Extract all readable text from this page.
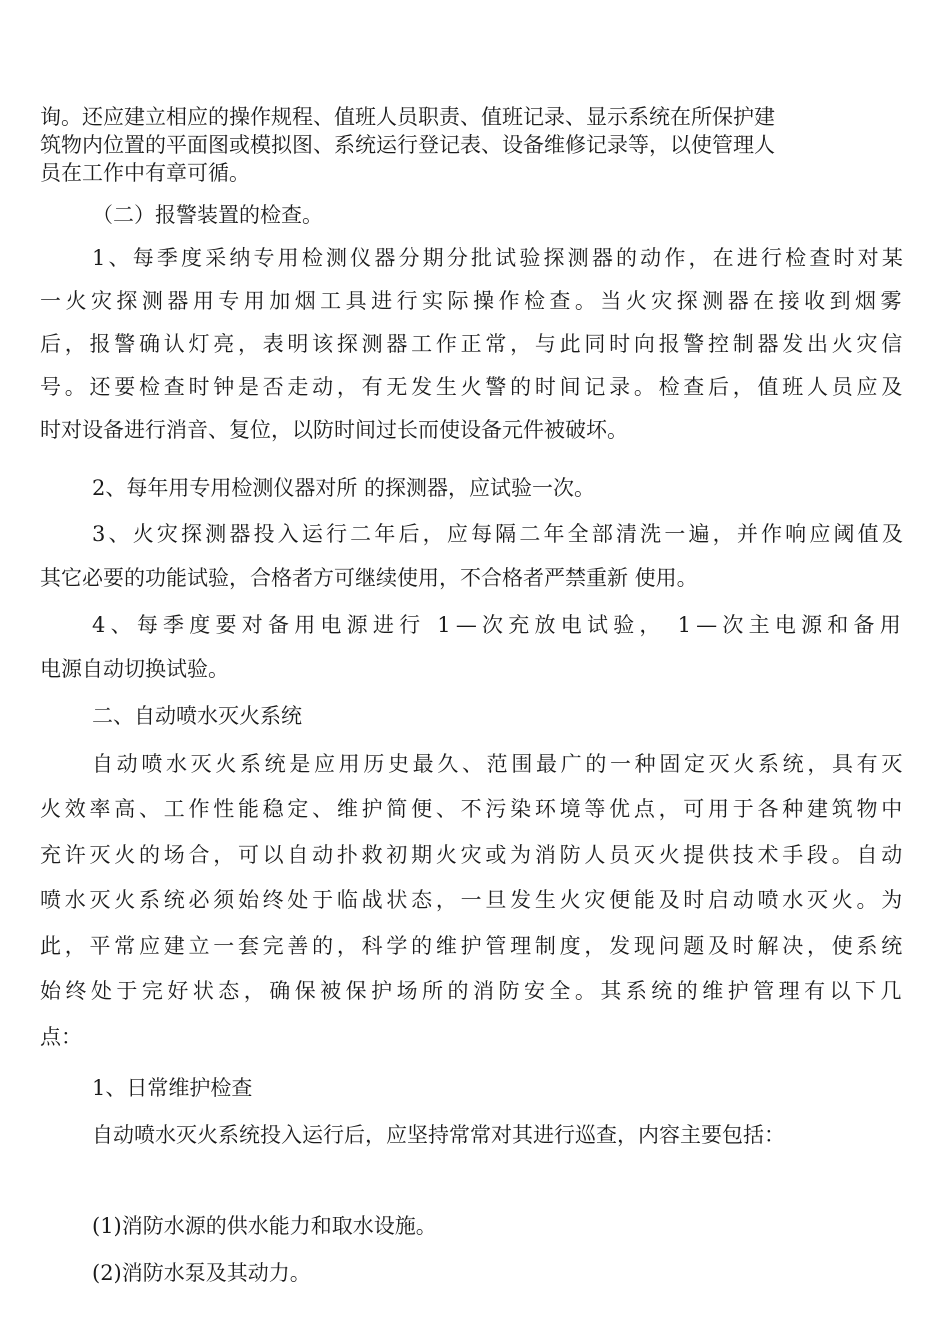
询。还应建立相应的操作规程、值班人员职责、值班记录、显示系统在所保护建
筑物内位置的平面图或模拟图、系统运行登记表、设备维修记录等，以使管理人
员在工作中有章可循。
（二）报警装置的检查。
1、每季度采纳专用检测仪器分期分批试验探测器的动作，在进行检查时对某
一火灾探测器用专用加烟工具进行实际操作检查。当火灾探测器在接收到烟雾
后，报警确认灯亮，表明该探测器工作正常，与此同时向报警控制器发出火灾信
号。还要检查时钟是否走动，有无发生火警的时间记录。检查后，值班人员应及
时对设备进行消音、复位，以防时间过长而使设备元件被破坏。
2、每年用专用检测仪器对所 的探测器，应试验一次。
3、火灾探测器投入运行二年后，应每隔二年全部清洗一遍，并作响应阈值及
其它必要的功能试验，合格者方可继续使用，不合格者严禁重新 使用。
4、每季度要对备用电源进行 1—次充放电试验， 1—次主电源和备用
电源自动切换试验。
二、自动喷水灭火系统
自动喷水灭火系统是应用历史最久、范围最广的一种固定灭火系统，具有灭
火效率高、工作性能稳定、维护简便、不污染环境等优点，可用于各种建筑物中
充许灭火的场合，可以自动扑救初期火灾或为消防人员灭火提供技术手段。自动
喷水灭火系统必须始终处于临战状态，一旦发生火灾便能及时启动喷水灭火。为
此，平常应建立一套完善的，科学的维护管理制度，发现问题及时解决，使系统
始终处于完好状态，确保被保护场所的消防安全。其系统的维护管理有以下几
点：
1、日常维护检查
自动喷水灭火系统投入运行后，应坚持常常对其进行巡查，内容主要包括：
(1)消防水源的供水能力和取水设施。
(2)消防水泵及其动力。
